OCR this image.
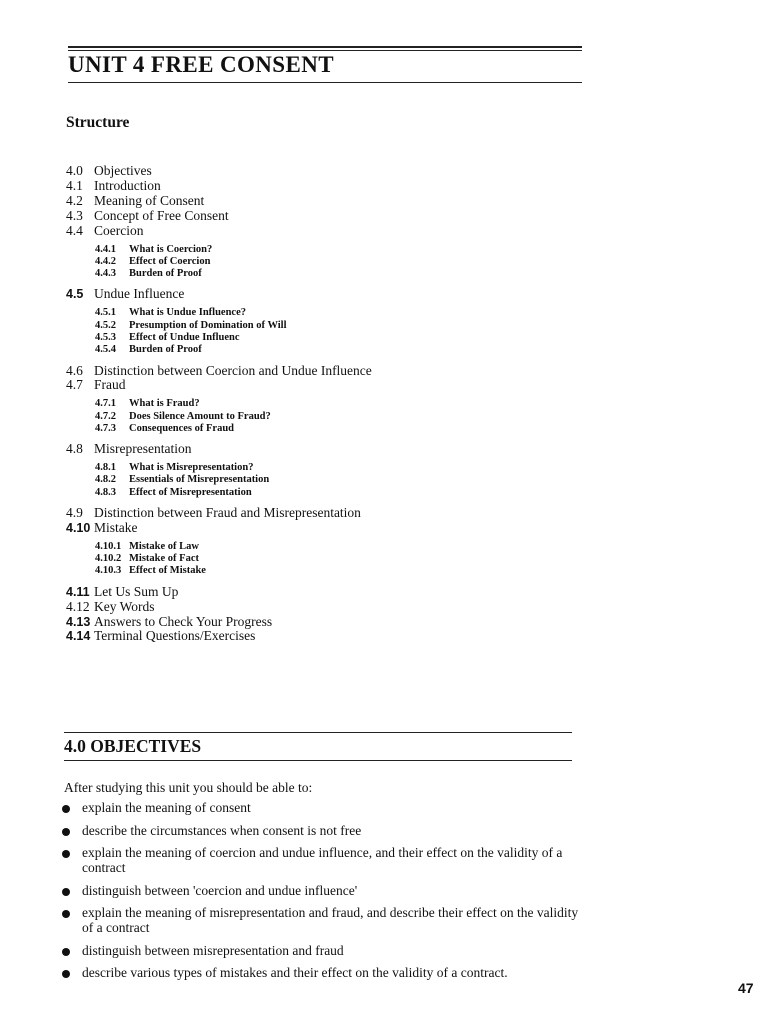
UNIT 4 FREE CONSENT
Structure
4.0 Objectives
4.1 Introduction
4.2 Meaning of Consent
4.3 Concept of Free Consent
4.4 Coercion
4.4.1 What is Coercion?
4.4.2 Effect of Coercion
4.4.3 Burden of Proof
4.5 Undue Influence
4.5.1 What is Undue Influence?
4.5.2 Presumption of Domination of Will
4.5.3 Effect of Undue Influenc
4.5.4 Burden of Proof
4.6 Distinction between Coercion and Undue Influence
4.7 Fraud
4.7.1 What is Fraud?
4.7.2 Does Silence Amount to Fraud?
4.7.3 Consequences of Fraud
4.8 Misrepresentation
4.8.1 What is Misrepresentation?
4.8.2 Essentials of Misrepresentation
4.8.3 Effect of Misrepresentation
4.9 Distinction between Fraud and Misrepresentation
4.10 Mistake
4.10.1 Mistake of Law
4.10.2 Mistake of Fact
4.10.3 Effect of Mistake
4.11 Let Us Sum Up
4.12 Key Words
4.13 Answers to Check Your Progress
4.14 Terminal Questions/Exercises
4.0 OBJECTIVES

After studying this unit you should be able to:

explain the meaning of consent
describe the circumstances when consent is not free
explain the meaning of coercion and undue influence, and their effect on the validity of a contract
distinguish between 'coercion and undue influence'
explain the meaning of misrepresentation and fraud, and describe their effect on the validity of a contract
distinguish between misrepresentation and fraud
describe various types of mistakes and their effect on the validity of a contract.

47
